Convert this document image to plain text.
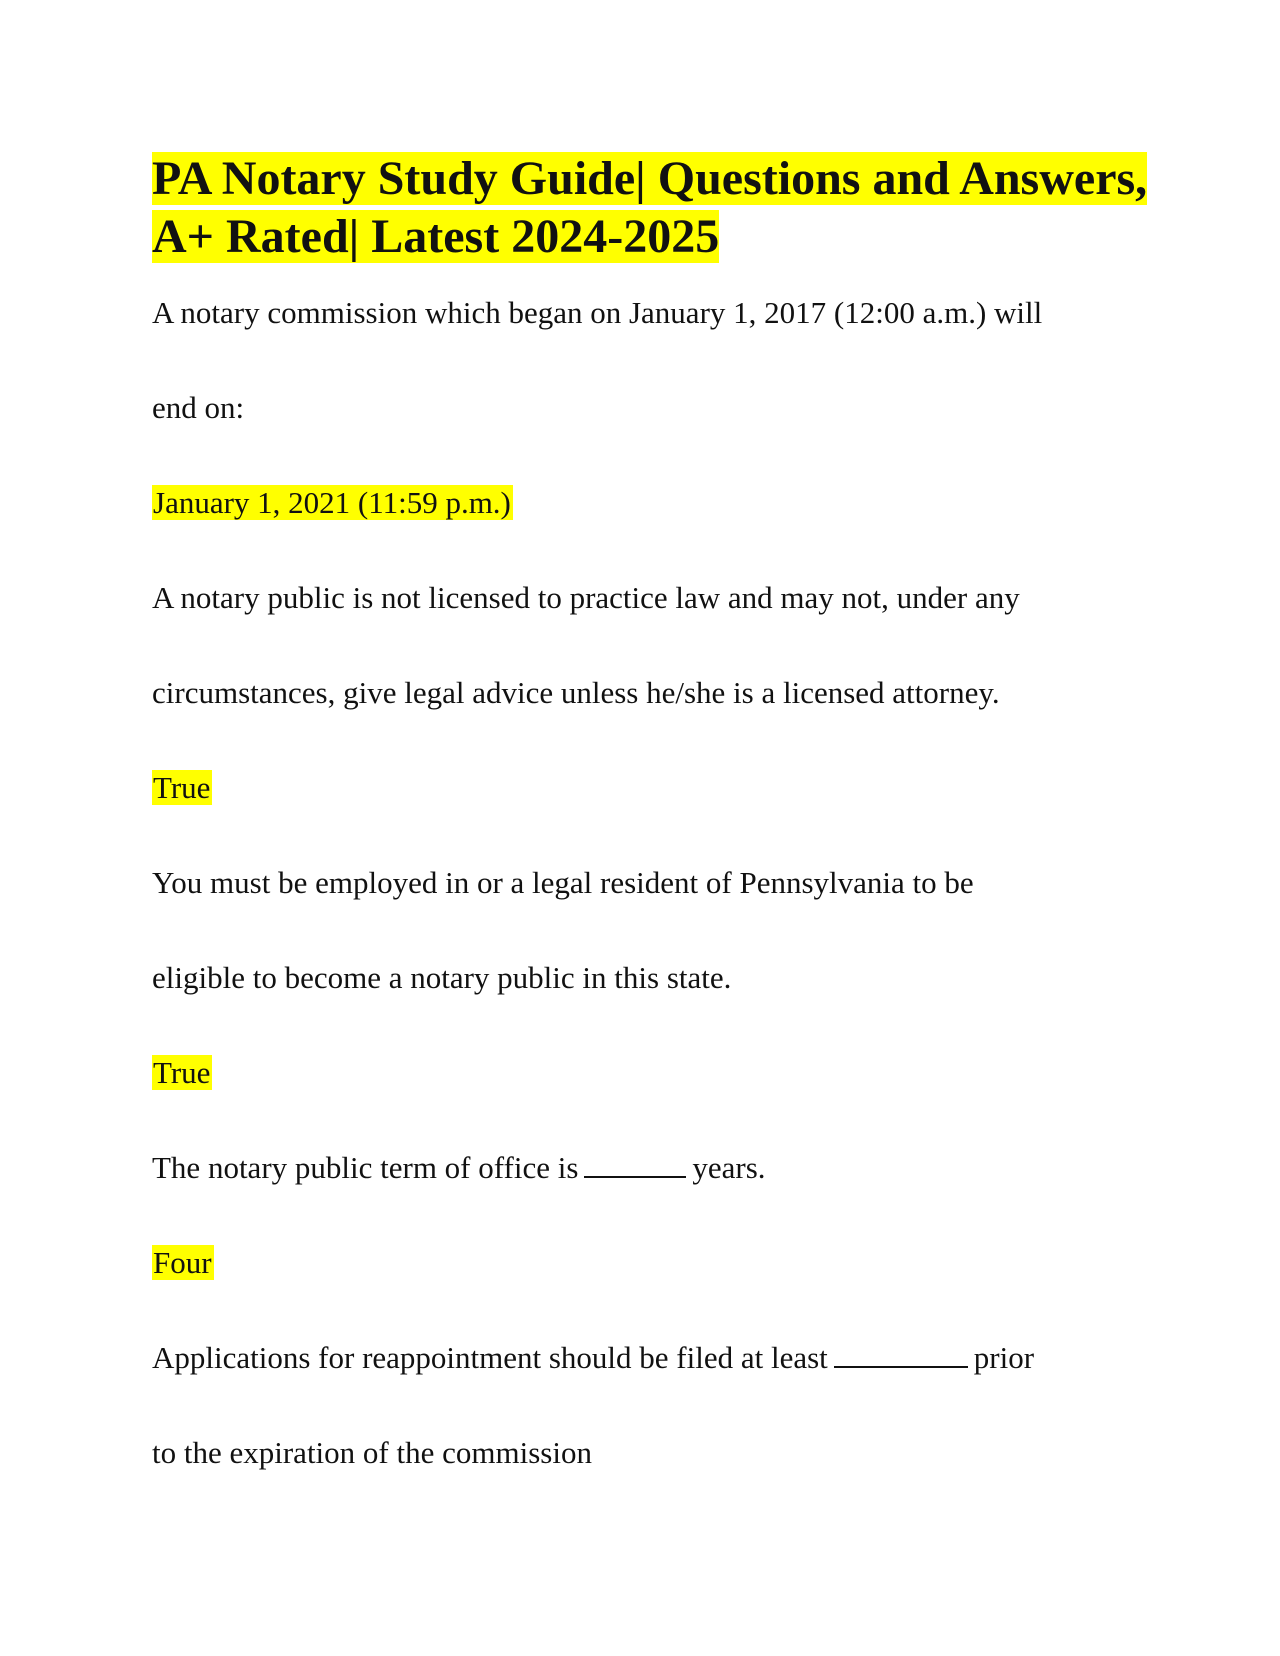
PA Notary Study Guide| Questions and Answers, A+ Rated| Latest 2024-2025

A notary commission which began on January 1, 2017 (12:00 a.m.) will

end on:

January 1, 2021 (11:59 p.m.)

A notary public is not licensed to practice law and may not, under any

circumstances, give legal advice unless he/she is a licensed attorney.

True

You must be employed in or a legal resident of Pennsylvania to be

eligible to become a notary public in this state.

True

The notary public term of office is	years.

Four

Applications for reappointment should be filed at least	prior

to the expiration of the commission
